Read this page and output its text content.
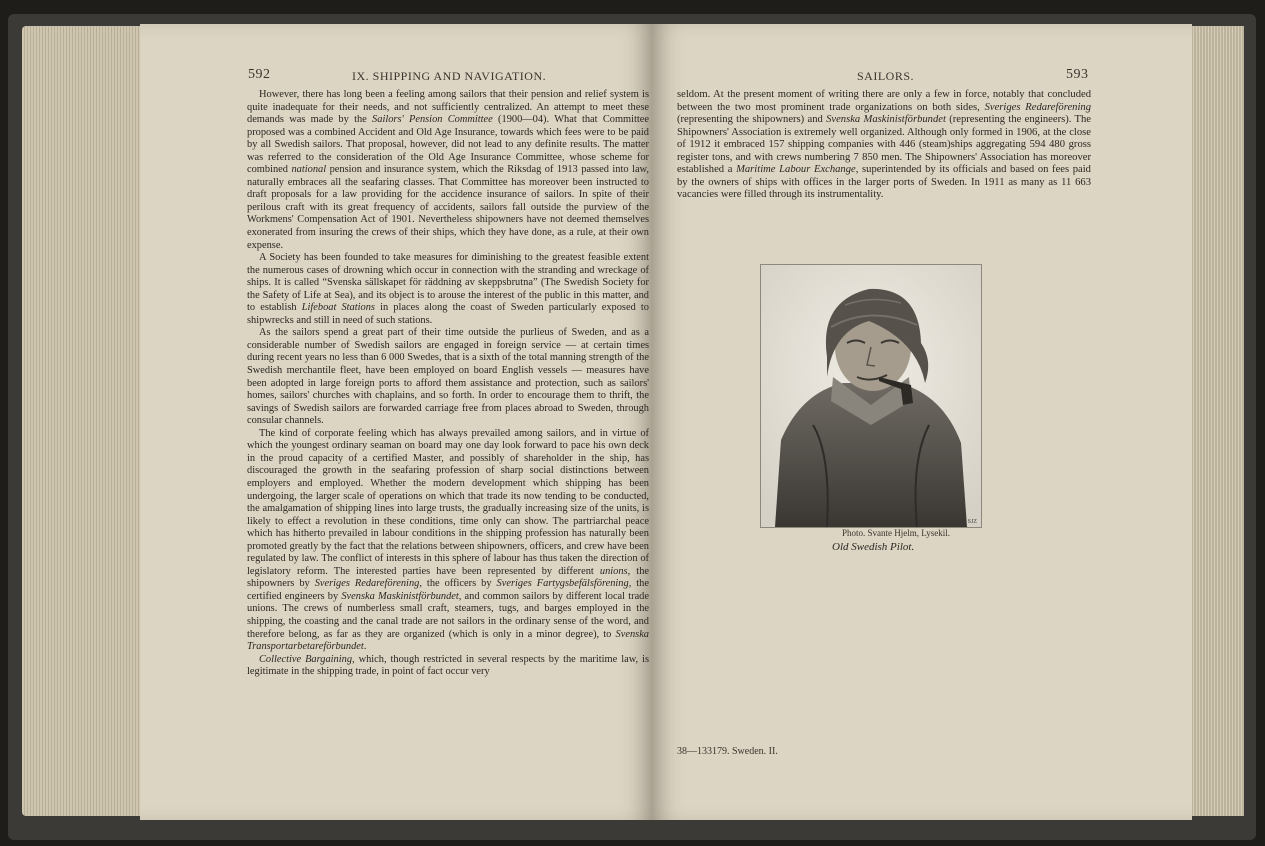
592	IX. SHIPPING AND NAVIGATION.	SAILORS.	593

However, there has long been a feeling among sailors that their pension and relief system is quite inadequate for their needs, and not sufficiently centralized. An attempt to meet these demands was made by the Sailors' Pension Committee (1900—04). What that Committee proposed was a combined Accident and Old Age Insurance, towards which fees were to be paid by all Swedish sailors. That proposal, however, did not lead to any definite results. The matter was referred to the consideration of the Old Age Insurance Committee, whose scheme for combined national pension and insurance system, which the Riksdag of 1913 passed into law, naturally embraces all the seafaring classes. That Committee has moreover been instructed to draft proposals for a law providing for the accidence insurance of sailors. In spite of their perilous craft with its great frequency of accidents, sailors fall outside the purview of the Workmens' Compensation Act of 1901. Nevertheless shipowners have not deemed themselves exonerated from insuring the crews of their ships, which they have done, as a rule, at their own expense.

A Society has been founded to take measures for diminishing to the greatest feasible extent the numerous cases of drowning which occur in connection with the stranding and wreckage of ships. It is called “Svenska sällskapet för räddning av skeppsbrutna” (The Swedish Society for the Safety of Life at Sea), and its object is to arouse the interest of the public in this matter, and to establish Lifeboat Stations in places along the coast of Sweden particularly exposed to shipwrecks and still in need of such stations.

As the sailors spend a great part of their time outside the purlieus of Sweden, and as a considerable number of Swedish sailors are engaged in foreign service — at certain times during recent years no less than 6 000 Swedes, that is a sixth of the total manning strength of the Swedish merchantile fleet, have been employed on board English vessels — measures have been adopted in large foreign ports to afford them assistance and protection, such as sailors' homes, sailors' churches with chaplains, and so forth. In order to encourage them to thrift, the savings of Swedish sailors are forwarded carriage free from places abroad to Sweden, through consular channels.

The kind of corporate feeling which has always prevailed among sailors, and in virtue of which the youngest ordinary seaman on board may one day look forward to pace his own deck in the proud capacity of a certified Master, and possibly of shareholder in the ship, has discouraged the growth in the seafaring profession of sharp social distinctions between employers and employed. Whether the modern development which shipping has been undergoing, the larger scale of operations on which that trade its now tending to be conducted, the amalgamation of shipping lines into large trusts, the gradually increasing size of the units, is likely to effect a revolution in these conditions, time only can show. The partriarchal peace which has hitherto prevailed in labour conditions in the shipping profession has naturally been promoted greatly by the fact that the relations between shipowners, officers, and crew have been regulated by law. The conflict of interests in this sphere of labour has thus taken the direction of legislatory reform. The interested parties have been represented by different unions, the shipowners by Sveriges Redareförening, the officers by Sveriges Fartygsbefälsförening, the certified engineers by Svenska Maskinistförbundet, and common sailors by different local trade unions. The crews of numberless small craft, steamers, tugs, and barges employed in the shipping, the coasting and the canal trade are not sailors in the ordinary sense of the word, and therefore belong, as far as they are organized (which is only in a minor degree), to Svenska Transportarbetareförbundet.

Collective Bargaining, which, though restricted in several respects by the maritime law, is legitimate in the shipping trade, in point of fact occur very

seldom. At the present moment of writing there are only a few in force, notably that concluded between the two most prominent trade organizations on both sides, Sveriges Redareförening (representing the shipowners) and Svenska Maskinistförbundet (representing the engineers). The Shipowners' Association is extremely well organized. Although only formed in 1906, at the close of 1912 it embraced 157 shipping companies with 446 (steam)ships aggregating 594 480 gross register tons, and with crews numbering 7 850 men. The Shipowners' Association has moreover established a Maritime Labour Exchange, superintended by its officials and based on fees paid by the owners of ships with offices in the larger ports of Sweden. In 1911 as many as 11 663 vacancies were filled through its instrumentality.

SJZ
Photo. Svante Hjelm, Lysekil.
Old Swedish Pilot.
38—133179. Sweden. II.
